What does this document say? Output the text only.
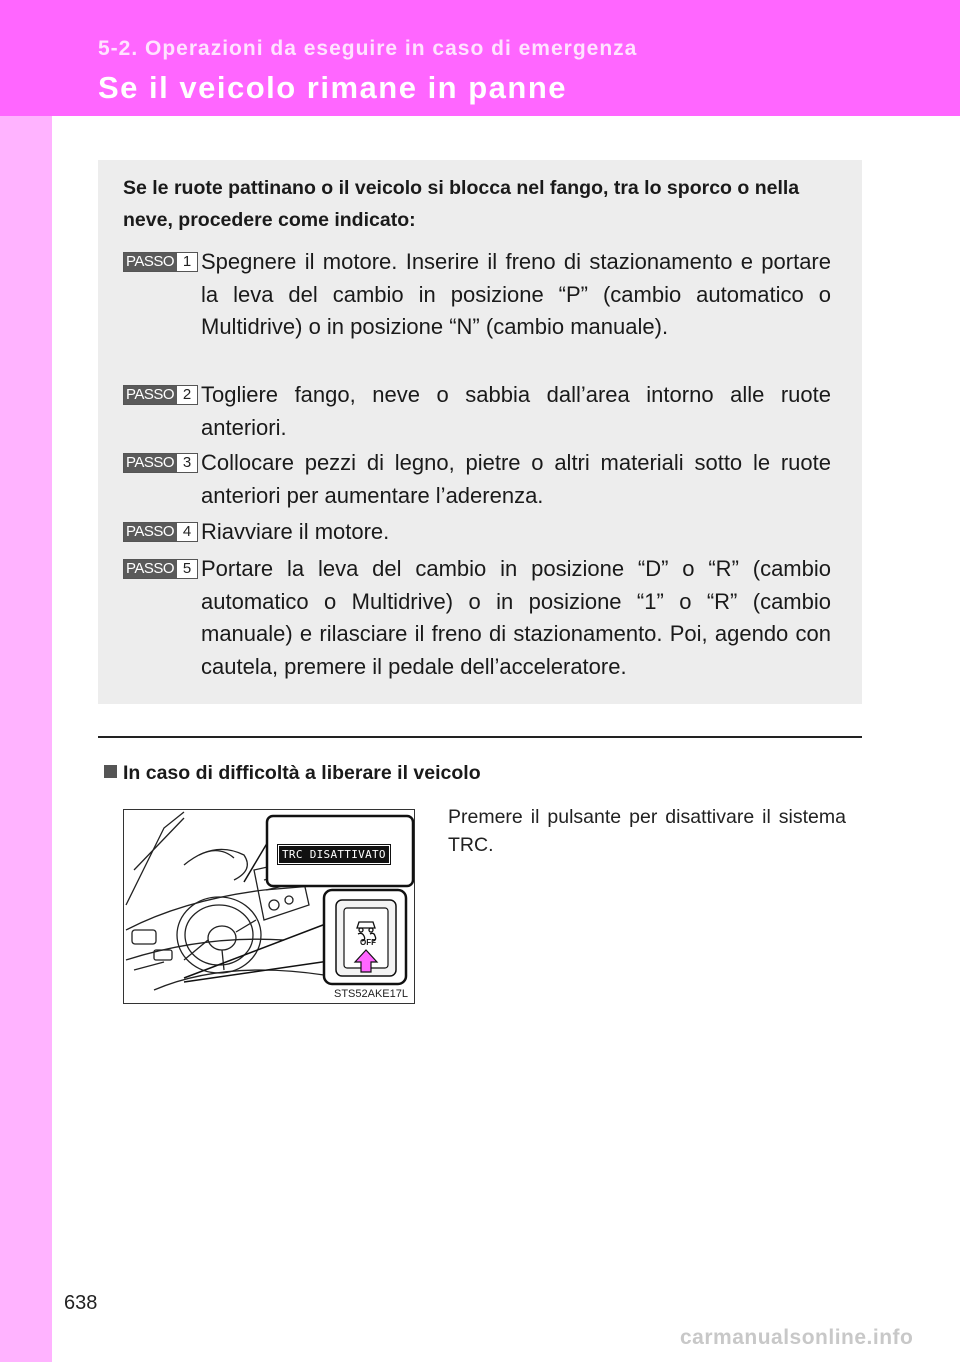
5-2. Operazioni da eseguire in caso di emergenza
Se il veicolo rimane in panne
Se le ruote pattinano o il veicolo si blocca nel fango, tra lo sporco o nella neve, procedere come indicato:
PASSO 1 Spegnere il motore. Inserire il freno di stazionamento e portare la leva del cambio in posizione “P” (cambio automatico o Multidrive) o in posizione “N” (cambio manuale).
PASSO 2 Togliere fango, neve o sabbia dall’area intorno alle ruote anteriori.
PASSO 3 Collocare pezzi di legno, pietre o altri materiali sotto le ruote anteriori per aumentare l’aderenza.
PASSO 4 Riavviare il motore.
PASSO 5 Portare la leva del cambio in posizione “D” o “R” (cambio automatico o Multidrive) o in posizione “1” o “R” (cambio manuale) e rilasciare il freno di stazionamento. Poi, agendo con cautela, premere il pedale dell’acceleratore.
In caso di difficoltà a liberare il veicolo
Premere il pulsante per disattivare il sistema TRC.
TRC DISATTIVATO
OFF
STS52AKE17L
638
carmanualsonline.info
